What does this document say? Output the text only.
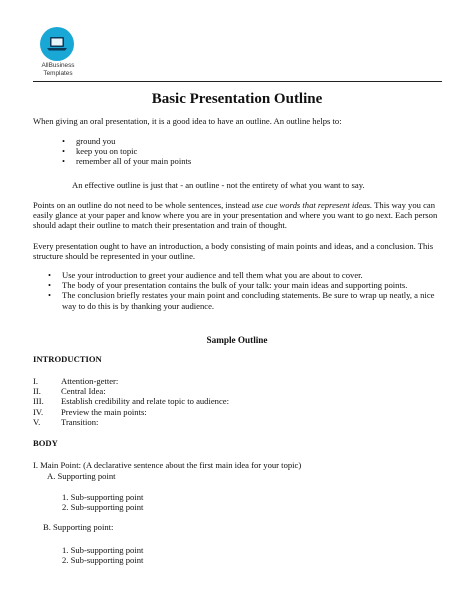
AllBusiness
Templates
Basic Presentation Outline
When giving an oral presentation, it is a good idea to have an outline. An outline helps to:
• ground you
• keep you on topic
• remember all of your main points
An effective outline is just that - an outline - not the entirety of what you want to say.

Points on an outline do not need to be whole sentences, instead use cue words that represent ideas. This way you can easily glance at your paper and know where you are in your presentation and where you want to go next. Each person should adapt their outline to match their presentation and train of thought.

Every presentation ought to have an introduction, a body consisting of main points and ideas, and a conclusion. This structure should be represented in your outline.
• Use your introduction to greet your audience and tell them what you are about to cover.
• The body of your presentation contains the bulk of your talk: your main ideas and supporting points.
• The conclusion briefly restates your main point and concluding statements. Be sure to wrap up neatly, a nice way to do this is by thanking your audience.
Sample Outline
INTRODUCTION
I.	Attention-getter:
II.	Central Idea:
III.	Establish credibility and relate topic to audience:
IV.	Preview the main points:
V.	Transition:
BODY
I. Main Point: (A declarative sentence about the first main idea for your topic)
A. Supporting point
1. Sub-supporting point
2. Sub-supporting point
B. Supporting point:
1. Sub-supporting point
2. Sub-supporting point
